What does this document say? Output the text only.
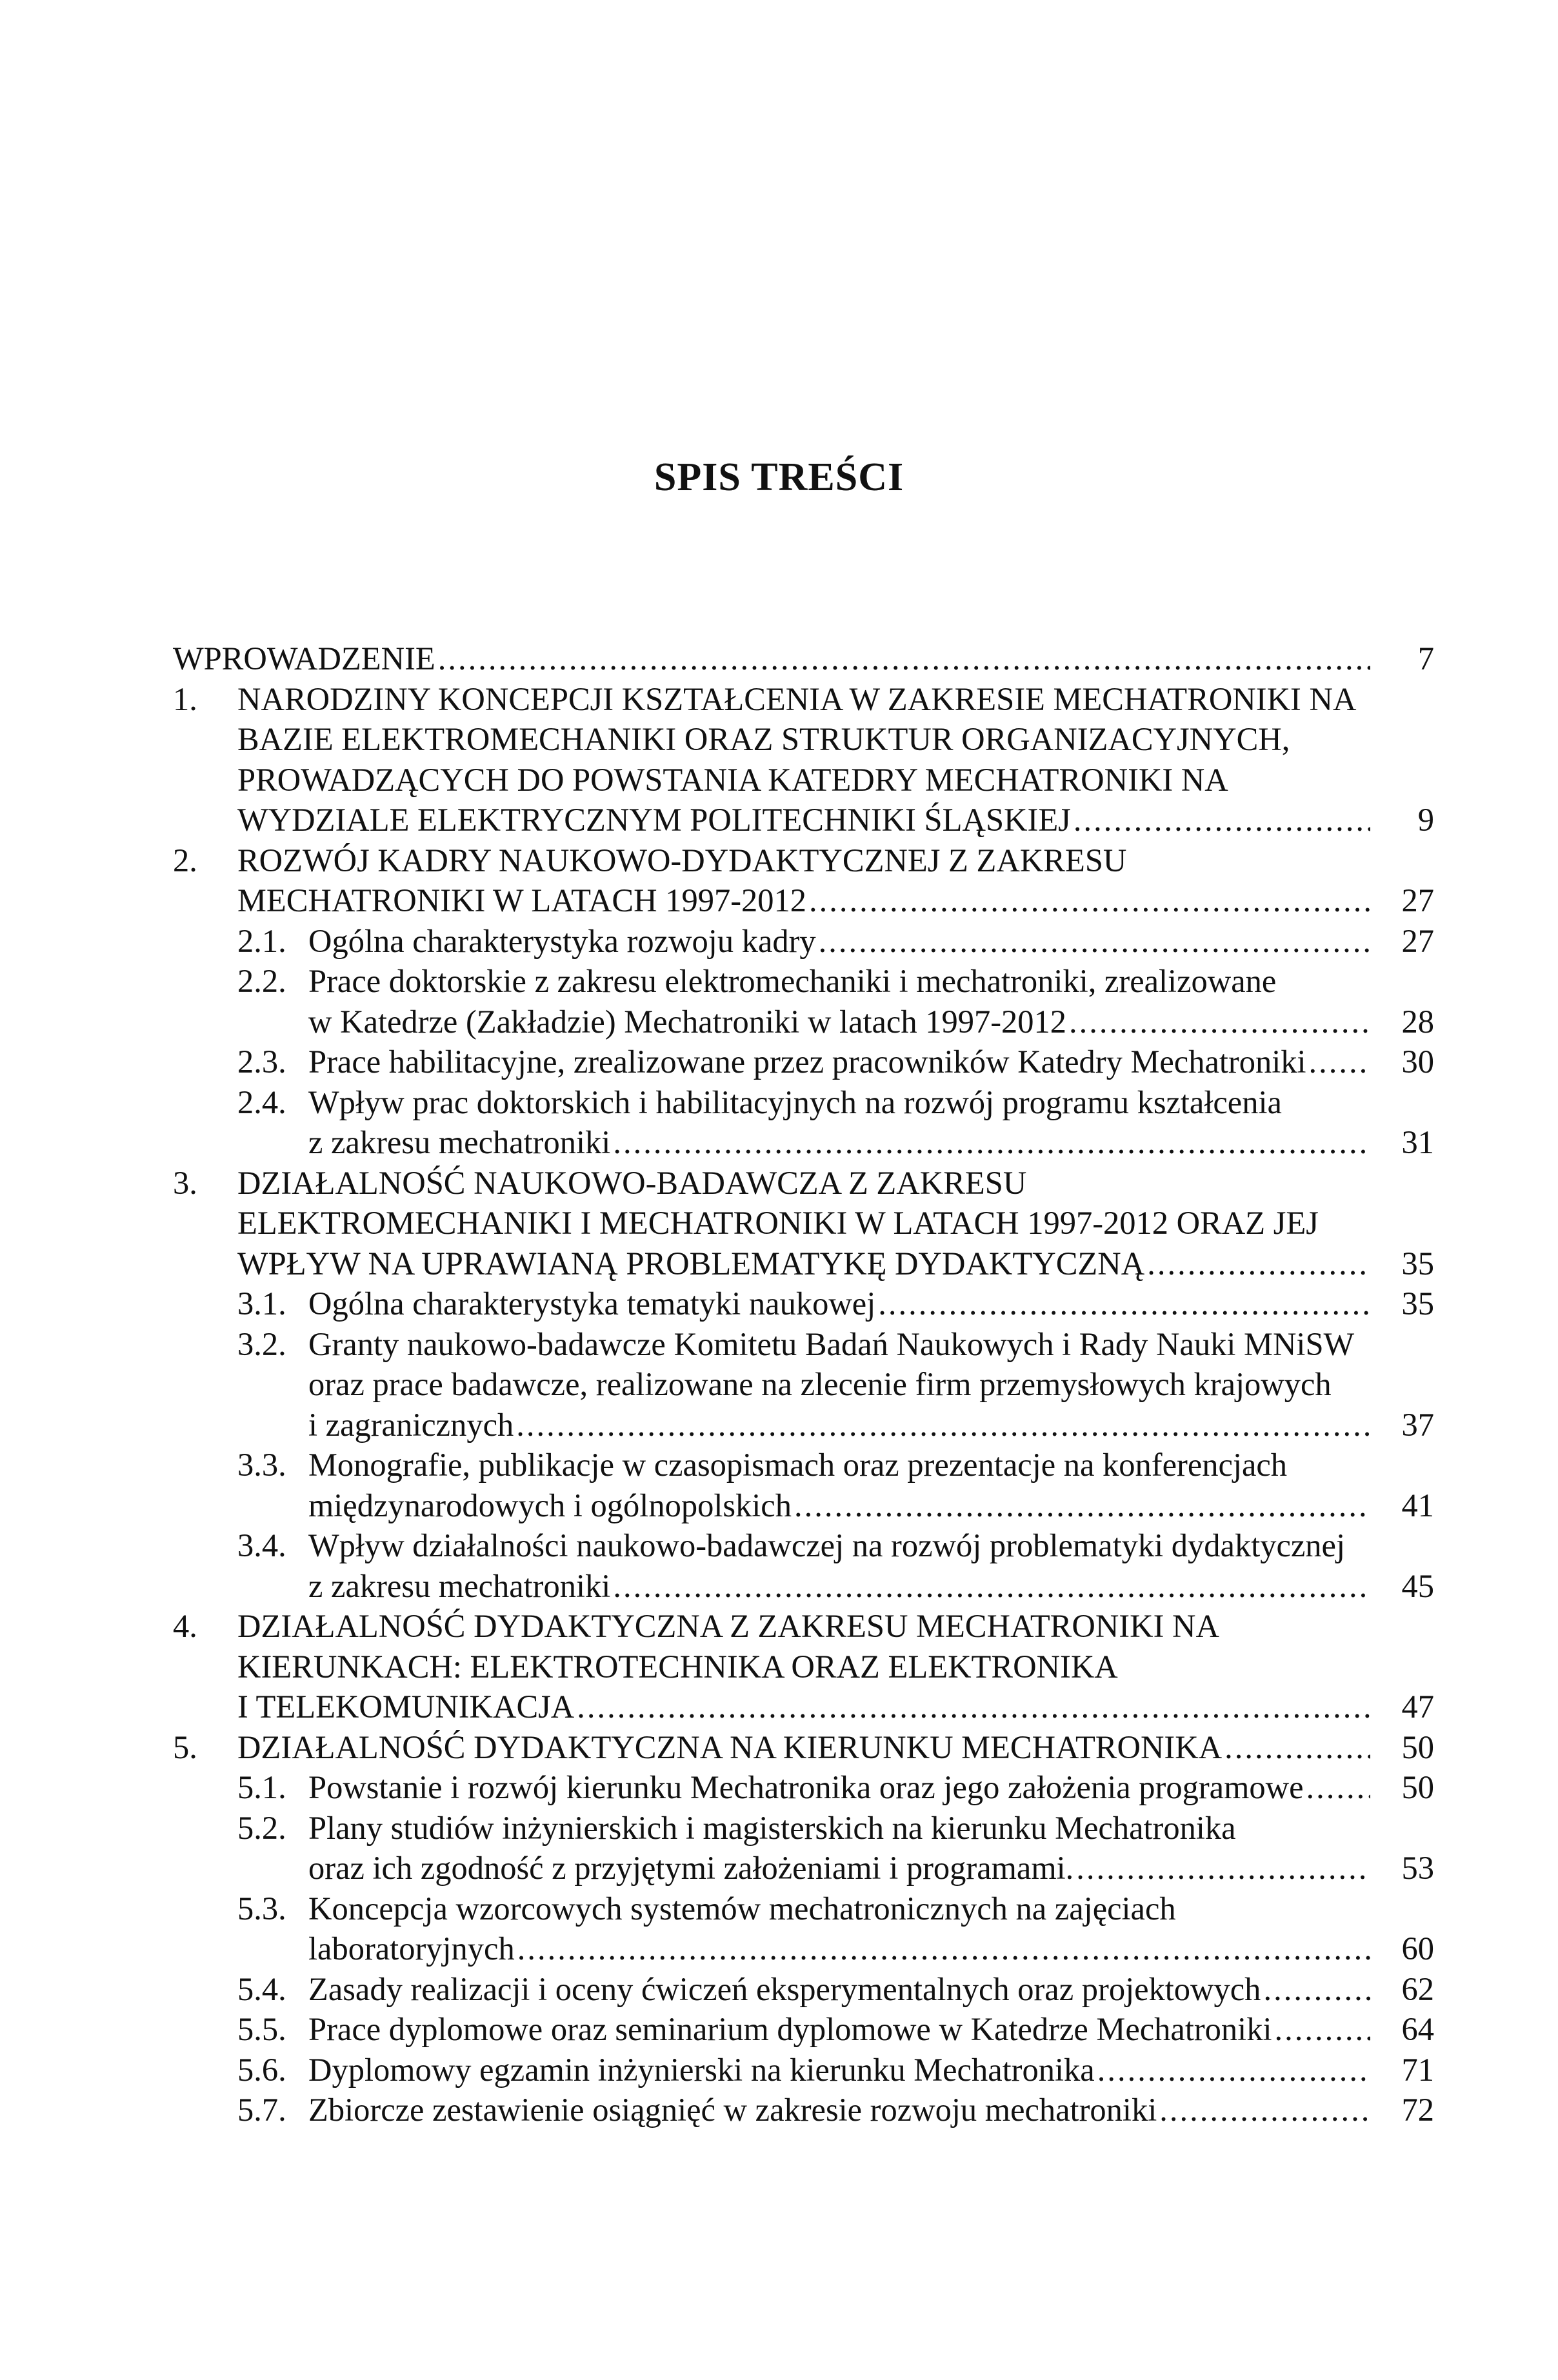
SPIS TREŚCI
WPROWADZENIE .....	7
1. NARODZINY KONCEPCJI KSZTAŁCENIA W ZAKRESIE MECHATRONIKI NA
BAZIE ELEKTROMECHANIKI ORAZ STRUKTUR ORGANIZACYJNYCH,
PROWADZĄCYCH DO POWSTANIA KATEDRY MECHATRONIKI NA
WYDZIALE ELEKTRYCZNYM POLITECHNIKI ŚLĄSKIEJ .....	9
2. ROZWÓJ KADRY NAUKOWO-DYDAKTYCZNEJ Z ZAKRESU
MECHATRONIKI W LATACH 1997-2012 .....	27
2.1. Ogólna charakterystyka rozwoju kadry .....	27
2.2. Prace doktorskie z zakresu elektromechaniki i mechatroniki, zrealizowane
w Katedrze (Zakładzie) Mechatroniki w latach 1997-2012 .....	28
2.3. Prace habilitacyjne, zrealizowane przez pracowników Katedry Mechatroniki .....	30
2.4. Wpływ prac doktorskich i habilitacyjnych na rozwój programu kształcenia
z zakresu mechatroniki .....	31
3. DZIAŁALNOŚĆ NAUKOWO-BADAWCZA Z ZAKRESU
ELEKTROMECHANIKI I MECHATRONIKI W LATACH 1997-2012 ORAZ JEJ
WPŁYW NA UPRAWIANĄ PROBLEMATYKĘ DYDAKTYCZNĄ .....	35
3.1. Ogólna charakterystyka tematyki naukowej .....	35
3.2. Granty naukowo-badawcze Komitetu Badań Naukowych i Rady Nauki MNiSW
oraz prace badawcze, realizowane na zlecenie firm przemysłowych krajowych
i zagranicznych .....	37
3.3. Monografie, publikacje w czasopismach oraz prezentacje na konferencjach
międzynarodowych i ogólnopolskich .....	41
3.4. Wpływ działalności naukowo-badawczej na rozwój problematyki dydaktycznej
z zakresu mechatroniki .....	45
4. DZIAŁALNOŚĆ DYDAKTYCZNA Z ZAKRESU MECHATRONIKI NA
KIERUNKACH: ELEKTROTECHNIKA ORAZ ELEKTRONIKA
I TELEKOMUNIKACJA .....	47
5. DZIAŁALNOŚĆ DYDAKTYCZNA NA KIERUNKU MECHATRONIKA .....	50
5.1. Powstanie i rozwój kierunku Mechatronika oraz jego założenia programowe .....	50
5.2. Plany studiów inżynierskich i magisterskich na kierunku Mechatronika
oraz ich zgodność z przyjętymi założeniami i programami. .....	53
5.3. Koncepcja wzorcowych systemów mechatronicznych na zajęciach
laboratoryjnych .....	60
5.4. Zasady realizacji i oceny ćwiczeń eksperymentalnych oraz projektowych .....	62
5.5. Prace dyplomowe oraz seminarium dyplomowe w Katedrze Mechatroniki .....	64
5.6. Dyplomowy egzamin inżynierski na kierunku Mechatronika .....	71
5.7. Zbiorcze zestawienie osiągnięć w zakresie rozwoju mechatroniki .....	72
